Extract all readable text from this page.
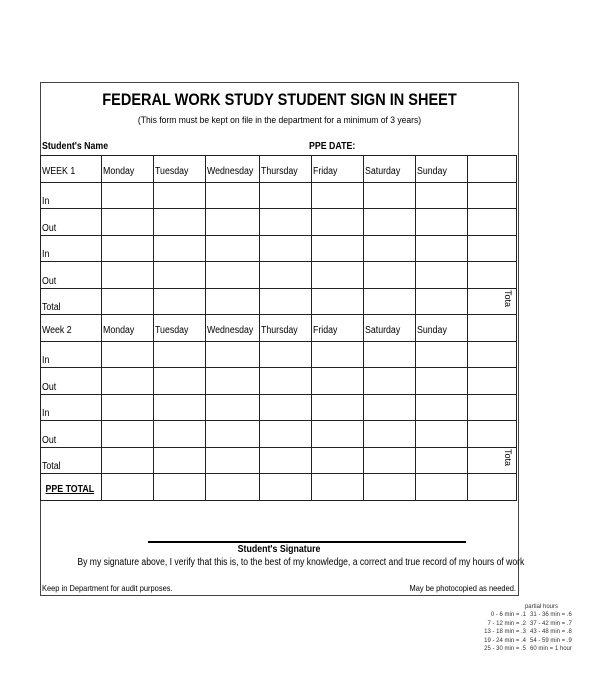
FEDERAL WORK STUDY STUDENT SIGN IN SHEET
(This form must be kept on file in the department for a minimum of 3 years)
Student's Name	PPE DATE:
WEEK 1	Monday	Tuesday	Wednesday	Thursday	Friday	Saturday	Sunday	
In								
Out								
In								
Out								
Total								Tota

Week 2	Monday	Tuesday	Wednesday	Thursday	Friday	Saturday	Sunday	
In								
Out								
In								
Out								
Total								Tota

PPE TOTAL								
Student's Signature
By my signature above, I verify that this is, to the best of my knowledge, a correct and true record of my hours of work
Keep in Department for audit purposes.	May be photocopied as needed.
partial hours
0 - 6 min = .1 31 - 36 min = .6
7 - 12 min = .2 37 - 42 min = .7
13 - 18 min = .3 43 - 48 min = .8
19 - 24 min = .4 54 - 59 min = .9
25 - 30 min = .5 60 min = 1 hour
